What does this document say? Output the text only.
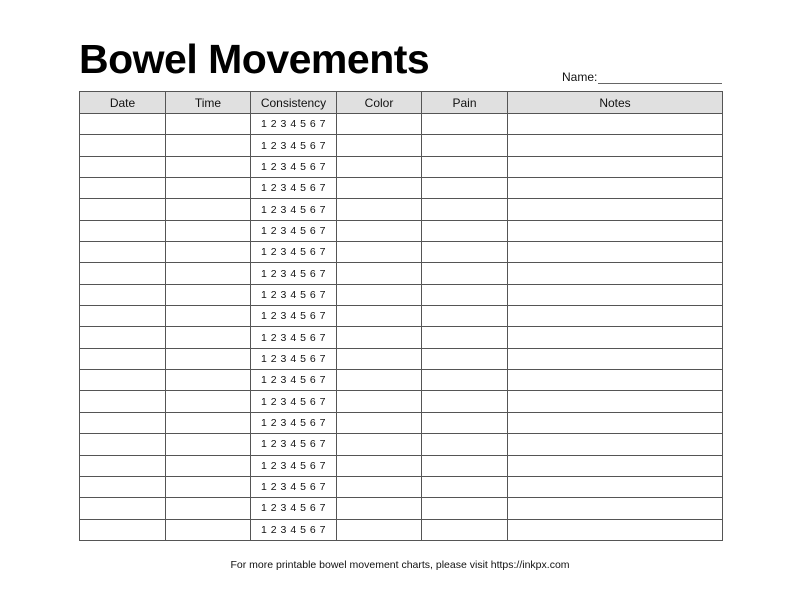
Bowel Movements	Name:
Date	Time	Consistency	Color	Pain	Notes
		1 2 3 4 5 6 7			
		1 2 3 4 5 6 7			
		1 2 3 4 5 6 7			
		1 2 3 4 5 6 7			
		1 2 3 4 5 6 7			
		1 2 3 4 5 6 7			
		1 2 3 4 5 6 7			
		1 2 3 4 5 6 7			
		1 2 3 4 5 6 7			
		1 2 3 4 5 6 7			
		1 2 3 4 5 6 7			
		1 2 3 4 5 6 7			
		1 2 3 4 5 6 7			
		1 2 3 4 5 6 7			
		1 2 3 4 5 6 7			
		1 2 3 4 5 6 7			
		1 2 3 4 5 6 7			
		1 2 3 4 5 6 7			
		1 2 3 4 5 6 7			
		1 2 3 4 5 6 7			
For more printable bowel movement charts, please visit https://inkpx.com
